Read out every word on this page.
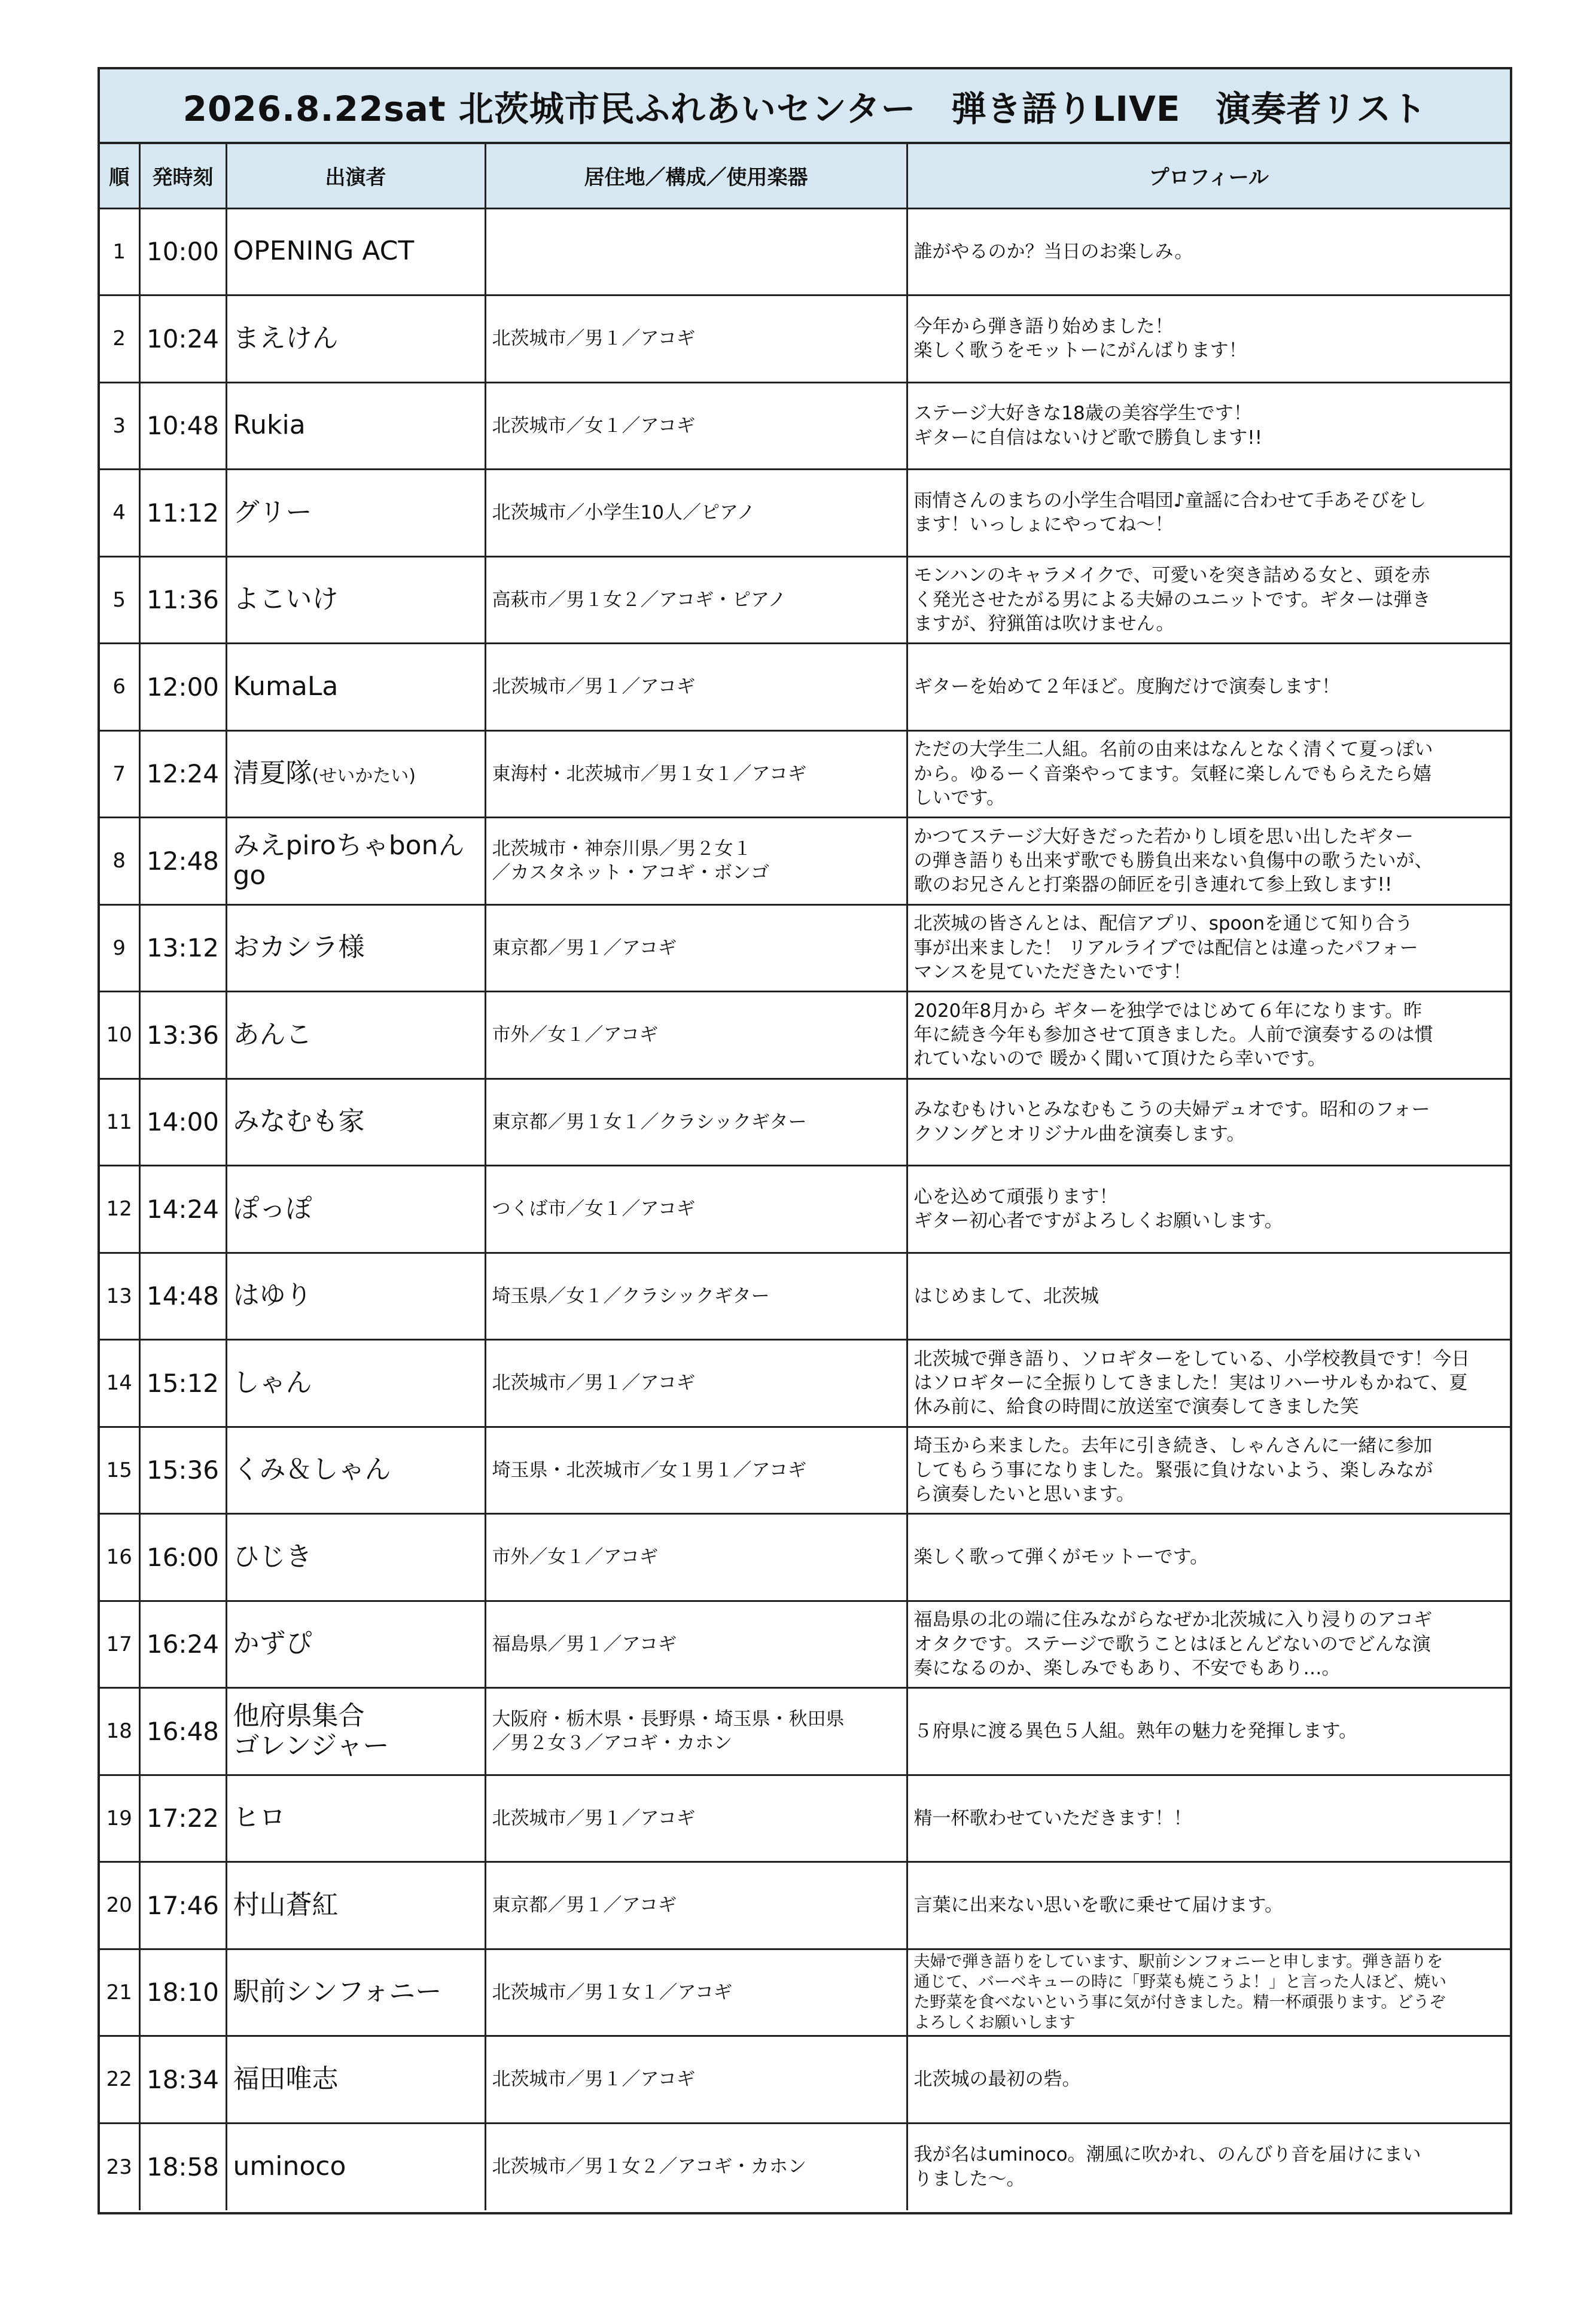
2026.8.22sat 北茨城市民ふれあいセンター　弾き語りLIVE　演奏者リスト
順	発時刻	出演者	居住地／構成／使用楽器	プロフィール
1	10:00	OPENING ACT		誰がやるのか？当日のお楽しみ。
2	10:24	まえけん	北茨城市／男１／アコギ	今年から弾き語り始めました！
楽しく歌うをモットーにがんばります！
3	10:48	Rukia	北茨城市／女１／アコギ	ステージ大好きな18歳の美容学生です！
ギターに自信はないけど歌で勝負します!!
4	11:12	グリー	北茨城市／小学生10人／ピアノ	雨情さんのまちの小学生合唱団♪童謡に合わせて手あそびをし
ます！いっしょにやってね～！
5	11:36	よこいけ	高萩市／男１女２／アコギ・ピアノ	モンハンのキャラメイクで、可愛いを突き詰める女と、頭を赤
く発光させたがる男による夫婦のユニットです。ギターは弾き
ますが、狩猟笛は吹けません。
6	12:00	KumaLa	北茨城市／男１／アコギ	ギターを始めて２年ほど。度胸だけで演奏します！
7	12:24	清夏隊(せいかたい)	東海村・北茨城市／男１女１／アコギ	ただの大学生二人組。名前の由来はなんとなく清くて夏っぽい
から。ゆるーく音楽やってます。気軽に楽しんでもらえたら嬉
しいです。
8	12:48	みえpiroちゃbonんgo	北茨城市・神奈川県／男２女１
／カスタネット・アコギ・ボンゴ	かつてステージ大好きだった若かりし頃を思い出したギター
の弾き語りも出来ず歌でも勝負出来ない負傷中の歌うたいが、
歌のお兄さんと打楽器の師匠を引き連れて参上致します!!
9	13:12	おカシラ様	東京都／男１／アコギ	北茨城の皆さんとは、配信アプリ、spoonを通じて知り合う
事が出来ました！ リアルライブでは配信とは違ったパフォー
マンスを見ていただきたいです！
10	13:36	あんこ	市外／女１／アコギ	2020年8月から ギターを独学ではじめて６年になります。昨
年に続き今年も参加させて頂きました。人前で演奏するのは慣
れていないので 暖かく聞いて頂けたら幸いです。
11	14:00	みなむも家	東京都／男１女１／クラシックギター	みなむもけいとみなむもこうの夫婦デュオです。昭和のフォー
クソングとオリジナル曲を演奏します。
12	14:24	ぽっぽ	つくば市／女１／アコギ	心を込めて頑張ります！
ギター初心者ですがよろしくお願いします。
13	14:48	はゆり	埼玉県／女１／クラシックギター	はじめまして、北茨城
14	15:12	しゃん	北茨城市／男１／アコギ	北茨城で弾き語り、ソロギターをしている、小学校教員です！今日
はソロギターに全振りしてきました！実はリハーサルもかねて、夏
休み前に、給食の時間に放送室で演奏してきました笑
15	15:36	くみ＆しゃん	埼玉県・北茨城市／女１男１／アコギ	埼玉から来ました。去年に引き続き、しゃんさんに一緒に参加
してもらう事になりました。緊張に負けないよう、楽しみなが
ら演奏したいと思います。
16	16:00	ひじき	市外／女１／アコギ	楽しく歌って弾くがモットーです。
17	16:24	かずぴ	福島県／男１／アコギ	福島県の北の端に住みながらなぜか北茨城に入り浸りのアコギ
オタクです。ステージで歌うことはほとんどないのでどんな演
奏になるのか、楽しみでもあり、不安でもあり…。
18	16:48	他府県集合
ゴレンジャー	大阪府・栃木県・長野県・埼玉県・秋田県
／男２女３／アコギ・カホン	５府県に渡る異色５人組。熟年の魅力を発揮します。
19	17:22	ヒロ	北茨城市／男１／アコギ	精一杯歌わせていただきます！！
20	17:46	村山蒼紅	東京都／男１／アコギ	言葉に出来ない思いを歌に乗せて届けます。
21	18:10	駅前シンフォニー	北茨城市／男１女１／アコギ	夫婦で弾き語りをしています、駅前シンフォニーと申します。弾き語りを
通じて、バーベキューの時に「野菜も焼こうよ！」と言った人ほど、焼い
た野菜を食べないという事に気が付きました。精一杯頑張ります。どうぞ
よろしくお願いします
22	18:34	福田唯志	北茨城市／男１／アコギ	北茨城の最初の砦。
23	18:58	uminoco	北茨城市／男１女２／アコギ・カホン	我が名はuminoco。潮風に吹かれ、のんびり音を届けにまい
りました～。
